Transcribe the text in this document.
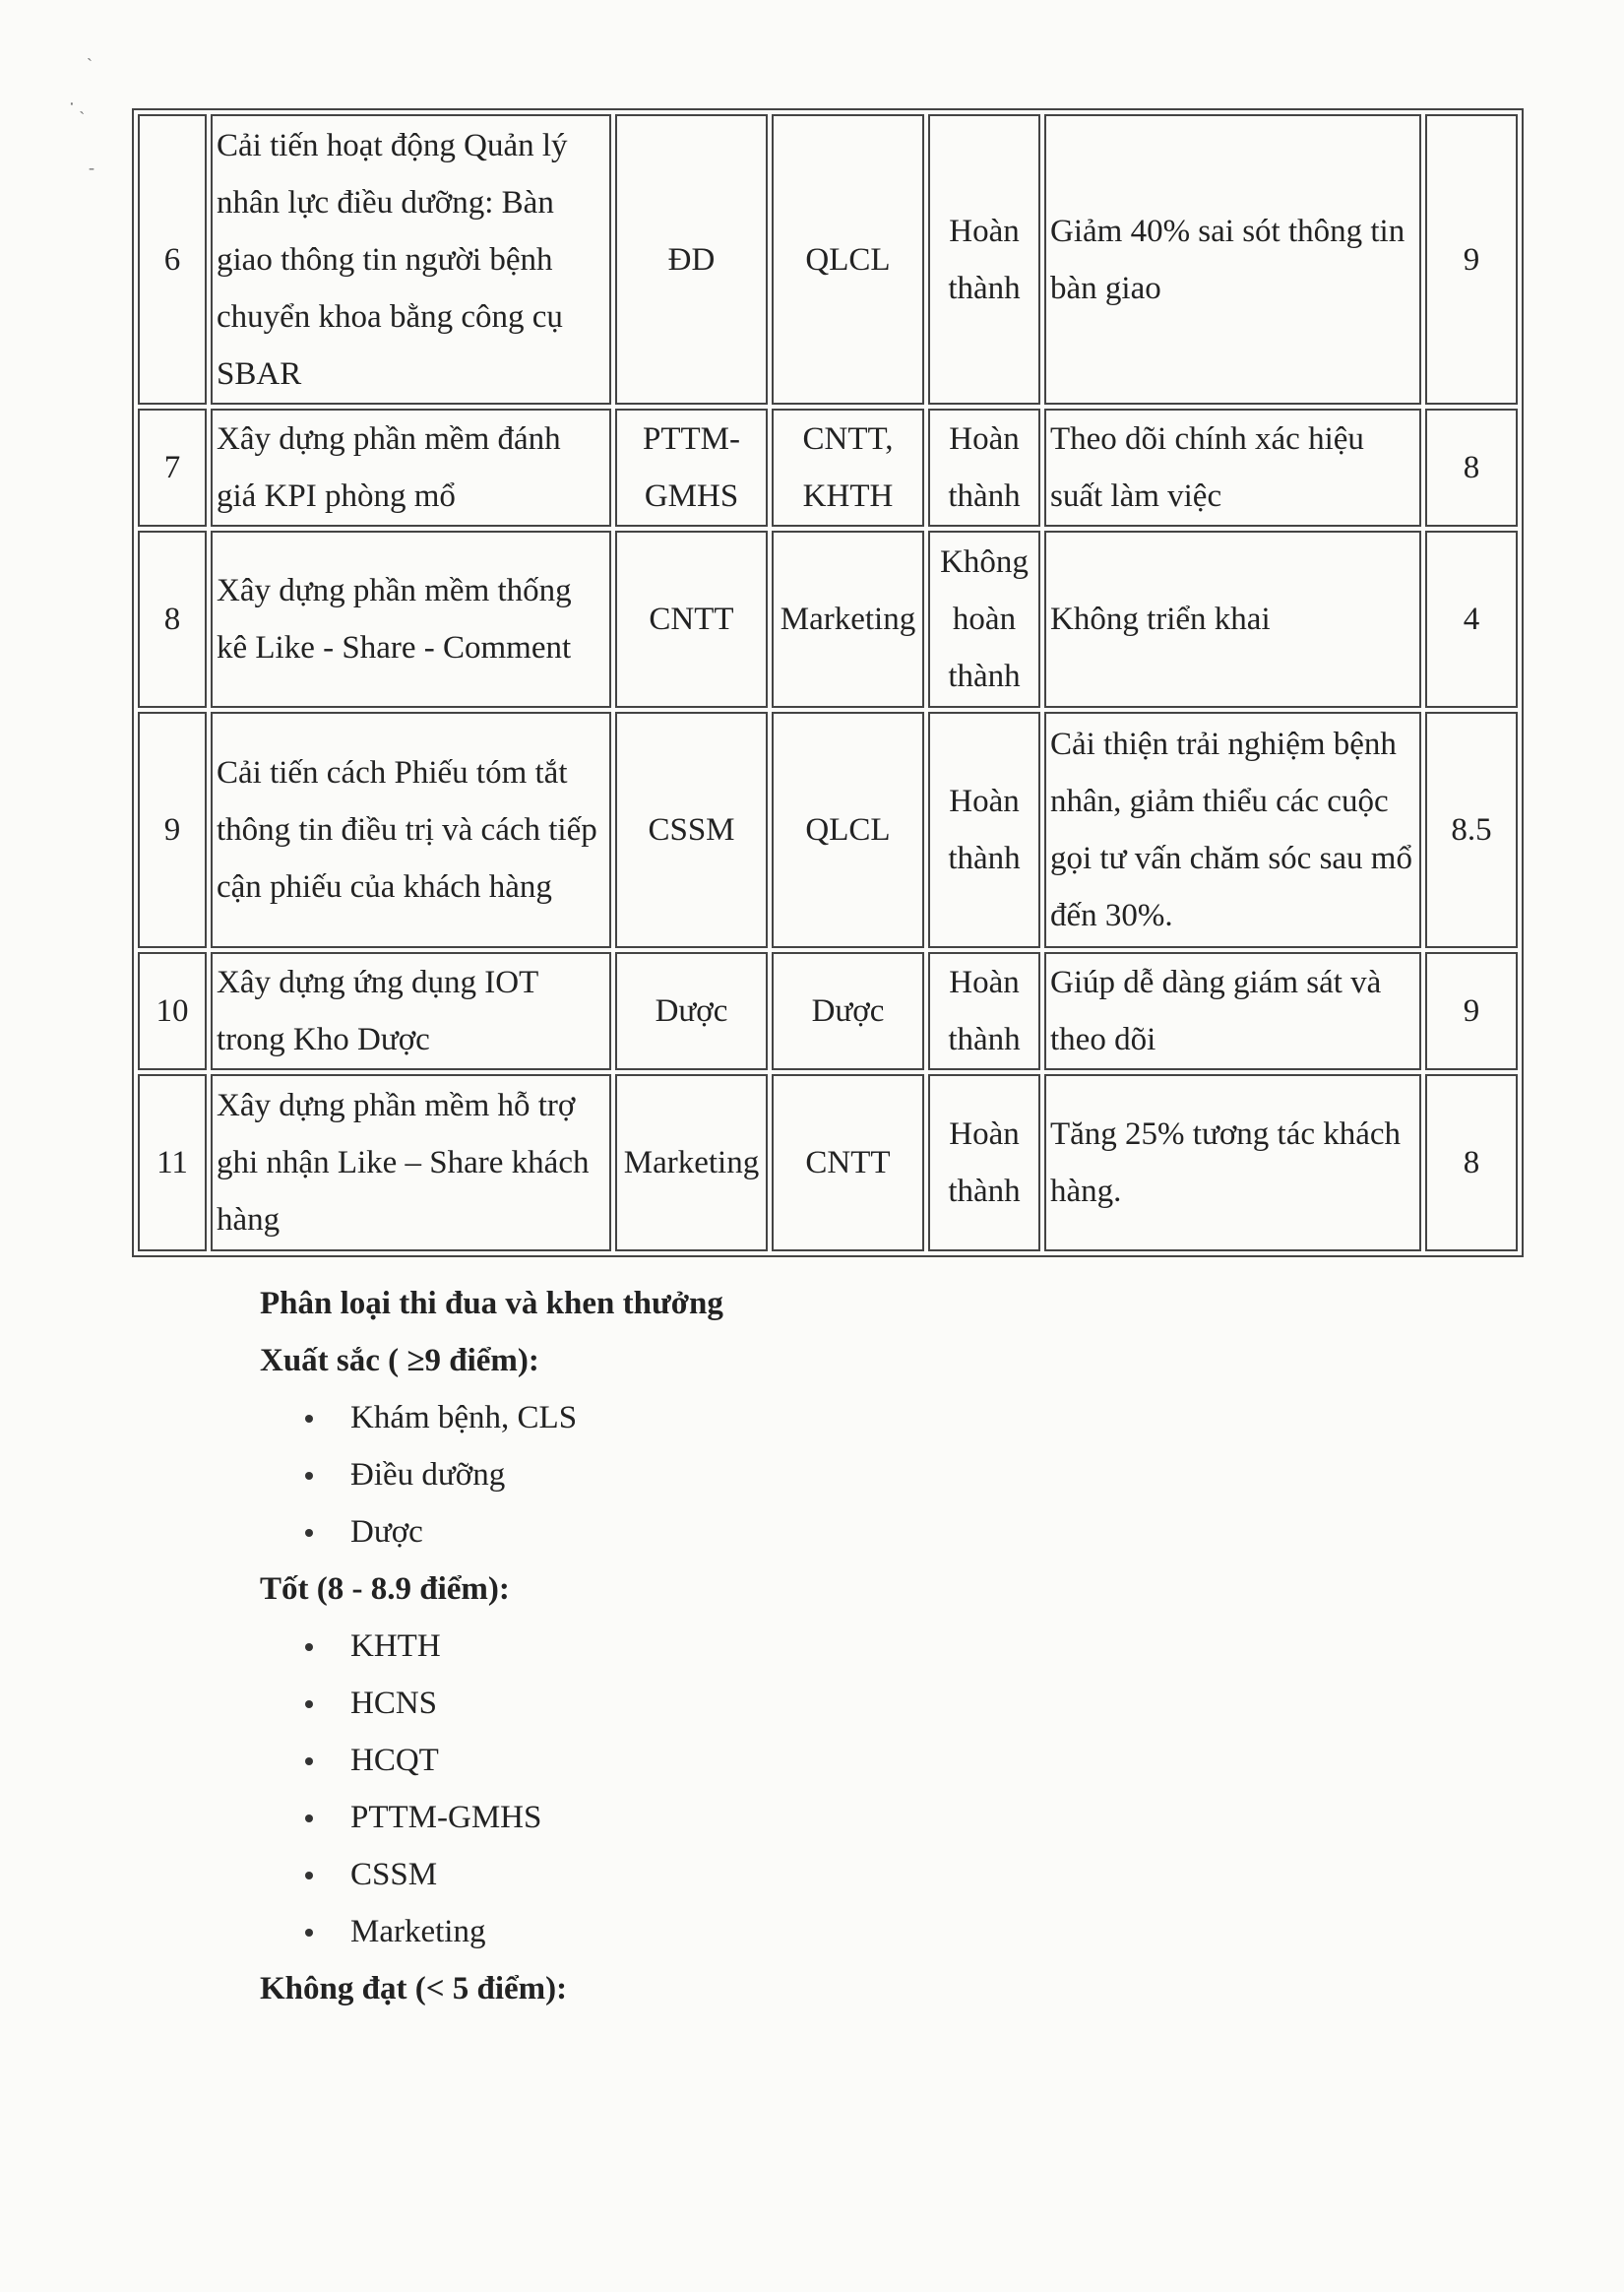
ˋ
‧ ˎ
-
6	Cải tiến hoạt động Quản lý nhân lực điều dưỡng: Bàn giao thông tin người bệnh chuyển khoa bằng công cụ SBAR	ĐD	QLCL	Hoàn thành	Giảm 40% sai sót thông tin bàn giao	9
7	Xây dựng phần mềm đánh giá KPI phòng mổ	PTTM-GMHS	CNTT, KHTH	Hoàn thành	Theo dõi chính xác hiệu suất làm việc	8
8	Xây dựng phần mềm thống kê Like - Share - Comment	CNTT	Marketing	Không hoàn thành	Không triển khai	4
9	Cải tiến cách Phiếu tóm tắt thông tin điều trị và cách tiếp cận phiếu của khách hàng	CSSM	QLCL	Hoàn thành	Cải thiện trải nghiệm bệnh nhân, giảm thiểu các cuộc gọi tư vấn chăm sóc sau mổ đến 30%.	8.5
10	Xây dựng ứng dụng IOT trong Kho Dược	Dược	Dược	Hoàn thành	Giúp dễ dàng giám sát và theo dõi	9
11	Xây dựng phần mềm hỗ trợ ghi nhận Like – Share khách hàng	Marketing	CNTT	Hoàn thành	Tăng 25% tương tác khách hàng.	8

Phân loại thi đua và khen thưởng

Xuất sắc ( ≥9 điểm):

Khám bệnh, CLS
Điều dưỡng
Dược

Tốt (8 - 8.9 điểm):

KHTH
HCNS
HCQT
PTTM-GMHS
CSSM
Marketing

Không đạt (< 5 điểm):
